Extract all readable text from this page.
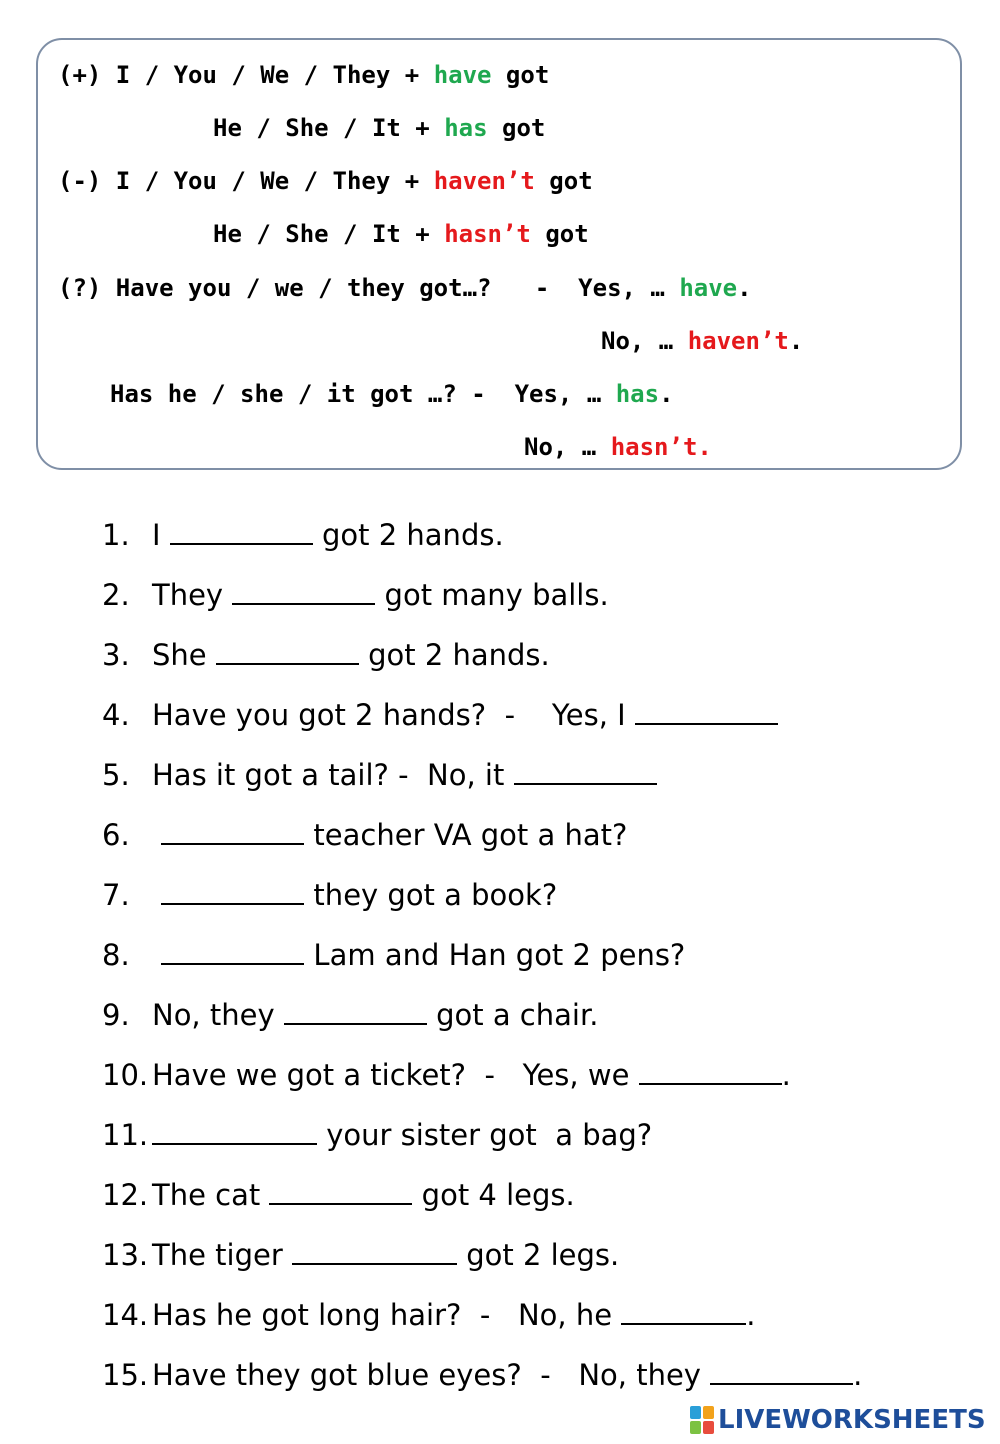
(+) I / You / We / They + have got
He / She / It + has got
(-) I / You / We / They + haven’t got
He / She / It + hasn’t got
(?) Have you / we / they got…?   -  Yes, … have.
No, … haven’t.
Has he / she / it got …? -  Yes, … has.
No, … hasn’t.
1. I	got 2 hands.
2. They	got many balls.
3. She	got 2 hands.
4. Have you got 2 hands?  -    Yes, I
5. Has it got a tail? -  No, it
6.	teacher VA got a hat?
7.	they got a book?
8.	Lam and Han got 2 pens?
9. No, they	got a chair.
10. Have we got a ticket?  -   Yes, we	.
11.	your sister got  a bag?
12. The cat	got 4 legs.
13. The tiger	got 2 legs.
14. Has he got long hair?  -   No, he	.
15. Have they got blue eyes?  -   No, they	.
LIVEWORKSHEETS
